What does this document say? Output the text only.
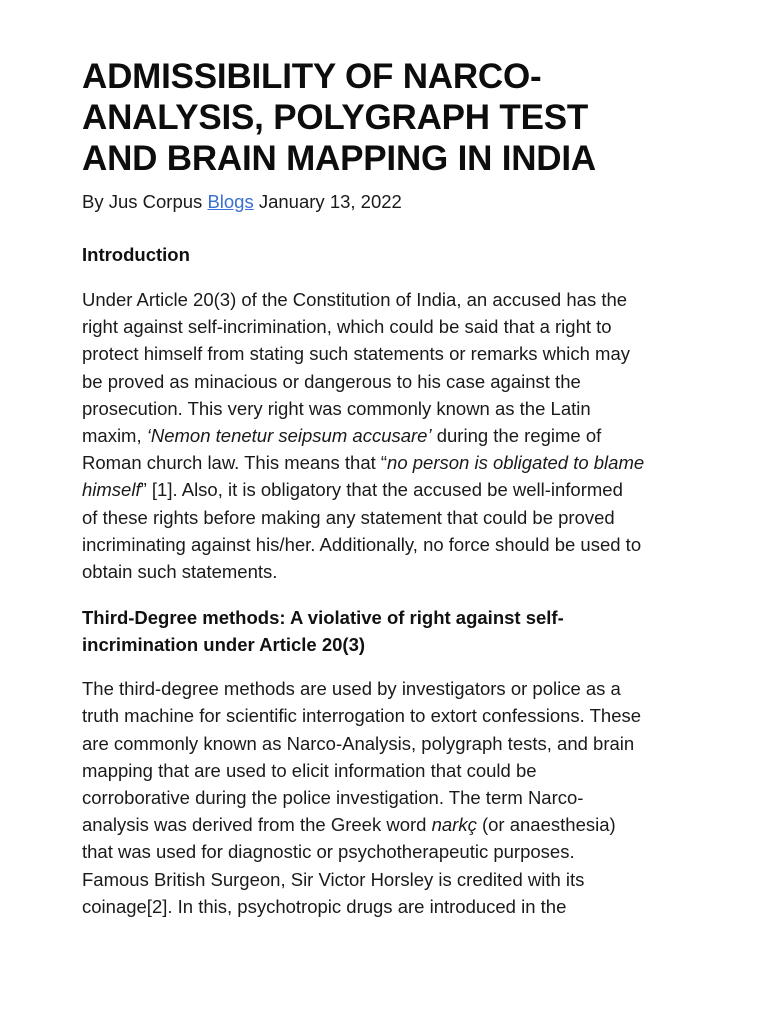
ADMISSIBILITY OF NARCO-
ANALYSIS, POLYGRAPH TEST
AND BRAIN MAPPING IN INDIA
By Jus Corpus Blogs January 13, 2022
Introduction

Under Article 20(3) of the Constitution of India, an accused has the
right against self-incrimination, which could be said that a right to
protect himself from stating such statements or remarks which may
be proved as minacious or dangerous to his case against the
prosecution. This very right was commonly known as the Latin
maxim, ‘Nemon tenetur seipsum accusare’ during the regime of
Roman church law. This means that “no person is obligated to blame
himself” [1]. Also, it is obligatory that the accused be well-informed
of these rights before making any statement that could be proved
incriminating against his/her. Additionally, no force should be used to
obtain such statements.

Third-Degree methods: A violative of right against self-
incrimination under Article 20(3)

The third-degree methods are used by investigators or police as a
truth machine for scientific interrogation to extort confessions. These
are commonly known as Narco-Analysis, polygraph tests, and brain
mapping that are used to elicit information that could be
corroborative during the police investigation. The term Narco-
analysis was derived from the Greek word narkç (or anaesthesia)
that was used for diagnostic or psychotherapeutic purposes.
Famous British Surgeon, Sir Victor Horsley is credited with its
coinage[2]. In this, psychotropic drugs are introduced in the
